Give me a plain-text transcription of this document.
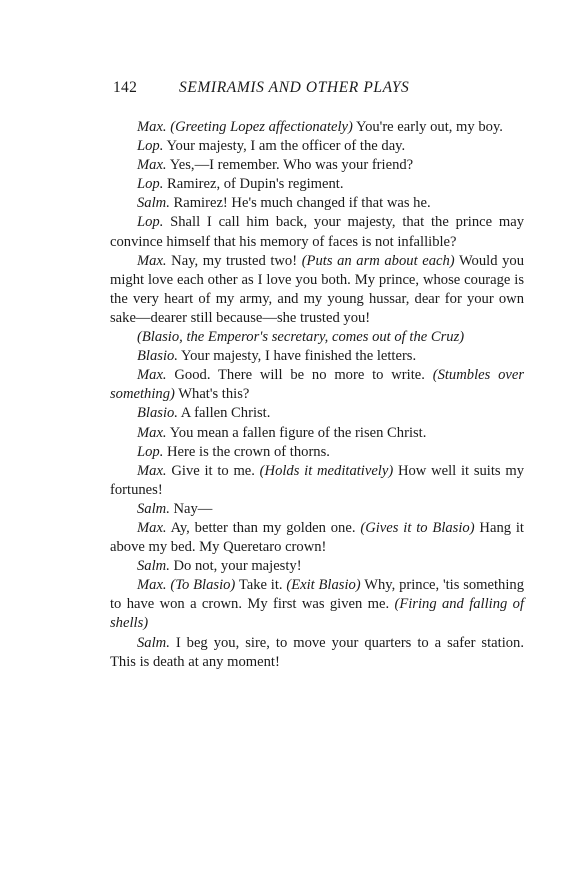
142	SEMIRAMIS AND OTHER PLAYS

Max. (Greeting Lopez affectionately) You're early out, my boy.

Lop. Your majesty, I am the officer of the day.

Max. Yes,—I remember. Who was your friend?

Lop. Ramirez, of Dupin's regiment.

Salm. Ramirez! He's much changed if that was he.

Lop. Shall I call him back, your majesty, that the prince may convince himself that his memory of faces is not infallible?

Max. Nay, my trusted two! (Puts an arm about each) Would you might love each other as I love you both. My prince, whose courage is the very heart of my army, and my young hussar, dear for your own sake—dearer still because—she trusted you!

(Blasio, the Emperor's secretary, comes out of the Cruz)

Blasio. Your majesty, I have finished the letters.

Max. Good. There will be no more to write. (Stumbles over something) What's this?

Blasio. A fallen Christ.

Max. You mean a fallen figure of the risen Christ.

Lop. Here is the crown of thorns.

Max. Give it to me. (Holds it meditatively) How well it suits my fortunes!

Salm. Nay—

Max. Ay, better than my golden one. (Gives it to Blasio) Hang it above my bed. My Queretaro crown!

Salm. Do not, your majesty!

Max. (To Blasio) Take it. (Exit Blasio) Why, prince, 'tis something to have won a crown. My first was given me. (Firing and falling of shells)

Salm. I beg you, sire, to move your quarters to a safer station. This is death at any moment!
